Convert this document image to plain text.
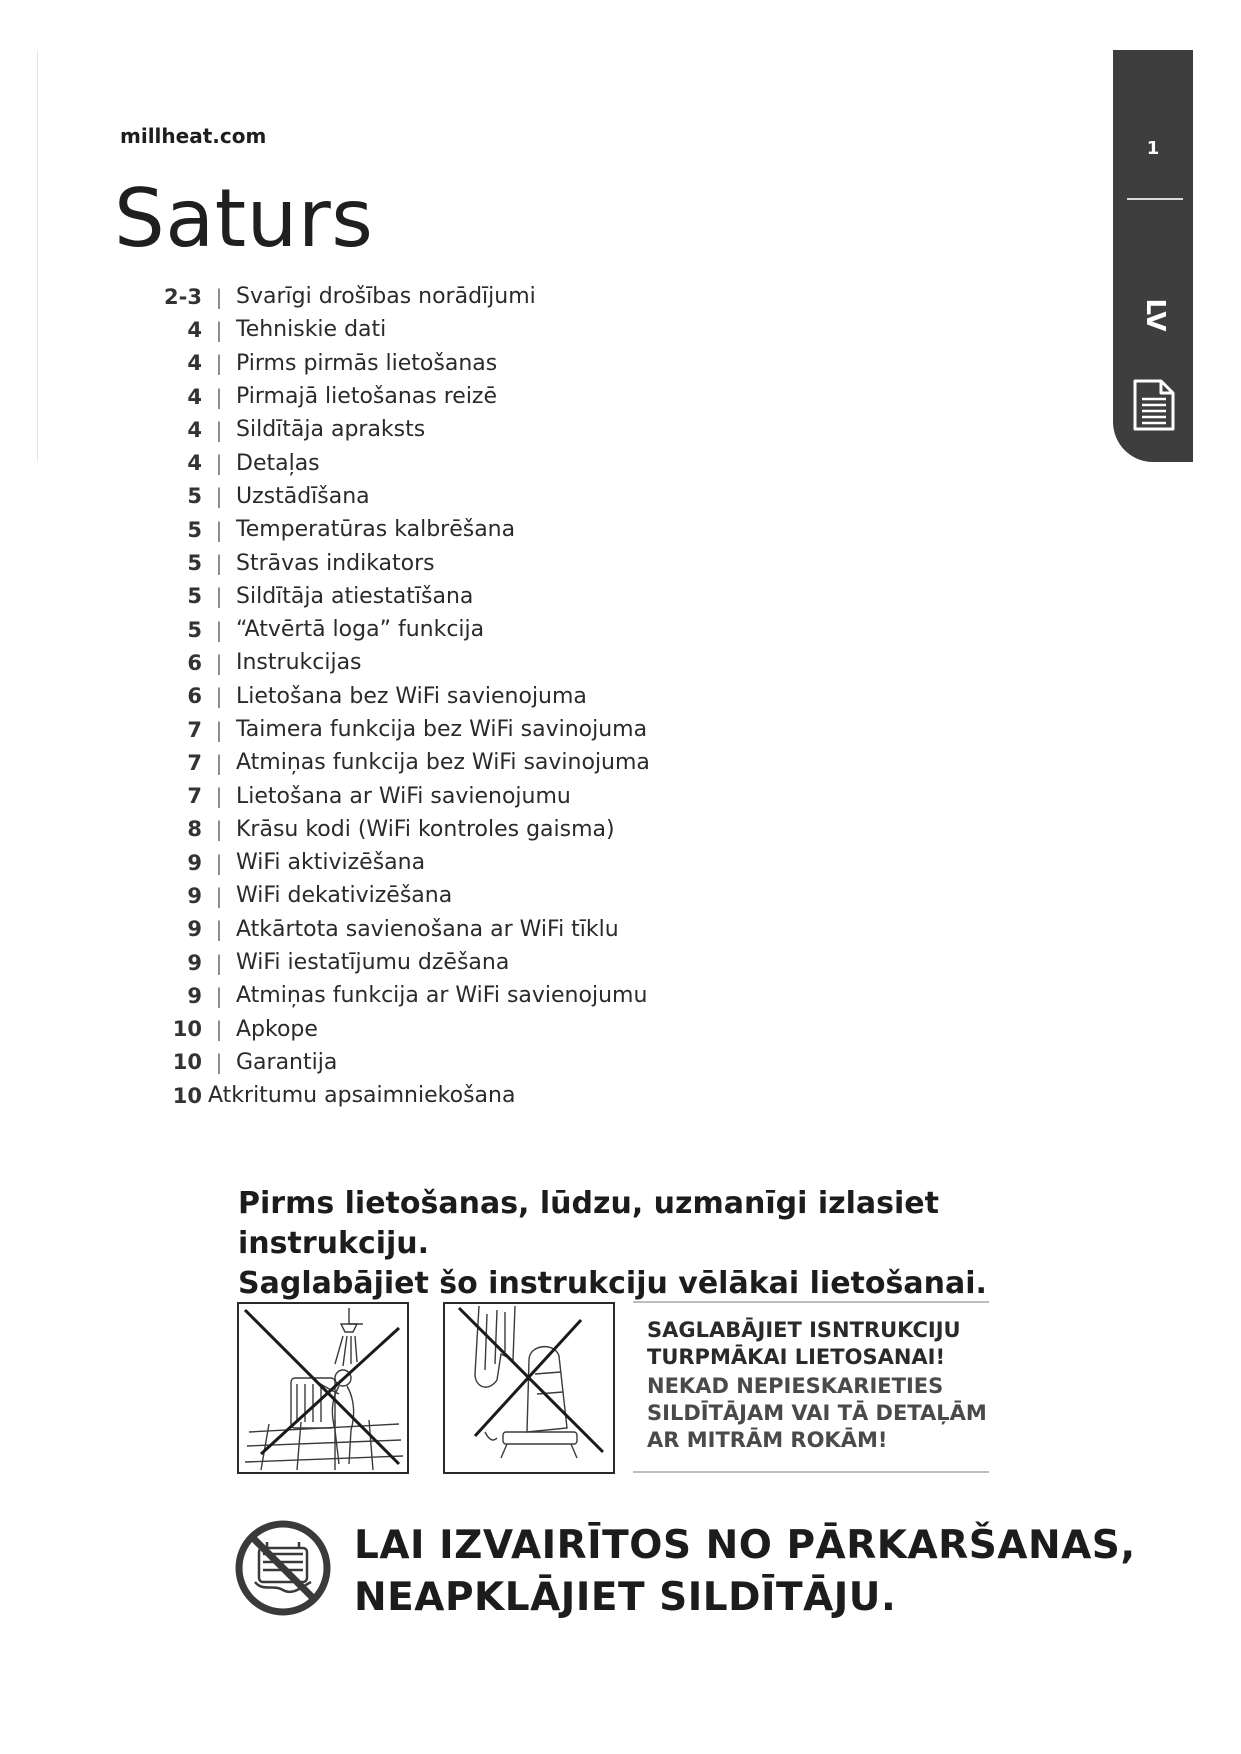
millheat.com
Saturs
2-3 | Svarīgi drošības norādījumi
4 | Tehniskie dati
4 | Pirms pirmās lietošanas
4 | Pirmajā lietošanas reizē
4 | Sildītāja apraksts
4 | Detaļas
5 | Uzstādīšana
5 | Temperatūras kalbrēšana
5 | Strāvas indikators
5 | Sildītāja atiestatīšana
5 | “Atvērtā loga” funkcija
6 | Instrukcijas
6 | Lietošana bez WiFi savienojuma
7 | Taimera funkcija bez WiFi savinojuma
7 | Atmiņas funkcija bez WiFi savinojuma
7 | Lietošana ar WiFi savienojumu
8 | Krāsu kodi (WiFi kontroles gaisma)
9 | WiFi aktivizēšana
9 | WiFi dekativizēšana
9 | Atkārtota savienošana ar WiFi tīklu
9 | WiFi iestatījumu dzēšana
9 | Atmiņas funkcija ar WiFi savienojumu
10 | Apkope
10 | Garantija
10 Atkritumu apsaimniekošana
1
LV
Pirms lietošanas, lūdzu, uzmanīgi izlasiet instrukciju.
Saglabājiet šo instrukciju vēlākai lietošanai.

SAGLABĀJIET ISNTRUKCIJU TURPMĀKAI LIETOSANAI!

NEKAD NEPIESKARIETIES SILDĪTĀJAM VAI TĀ DETAĻĀM AR MITRĀM ROKĀM!

LAI IZVAIRĪTOS NO PĀRKARŠANAS,
NEAPKLĀJIET SILDĪTĀJU.
